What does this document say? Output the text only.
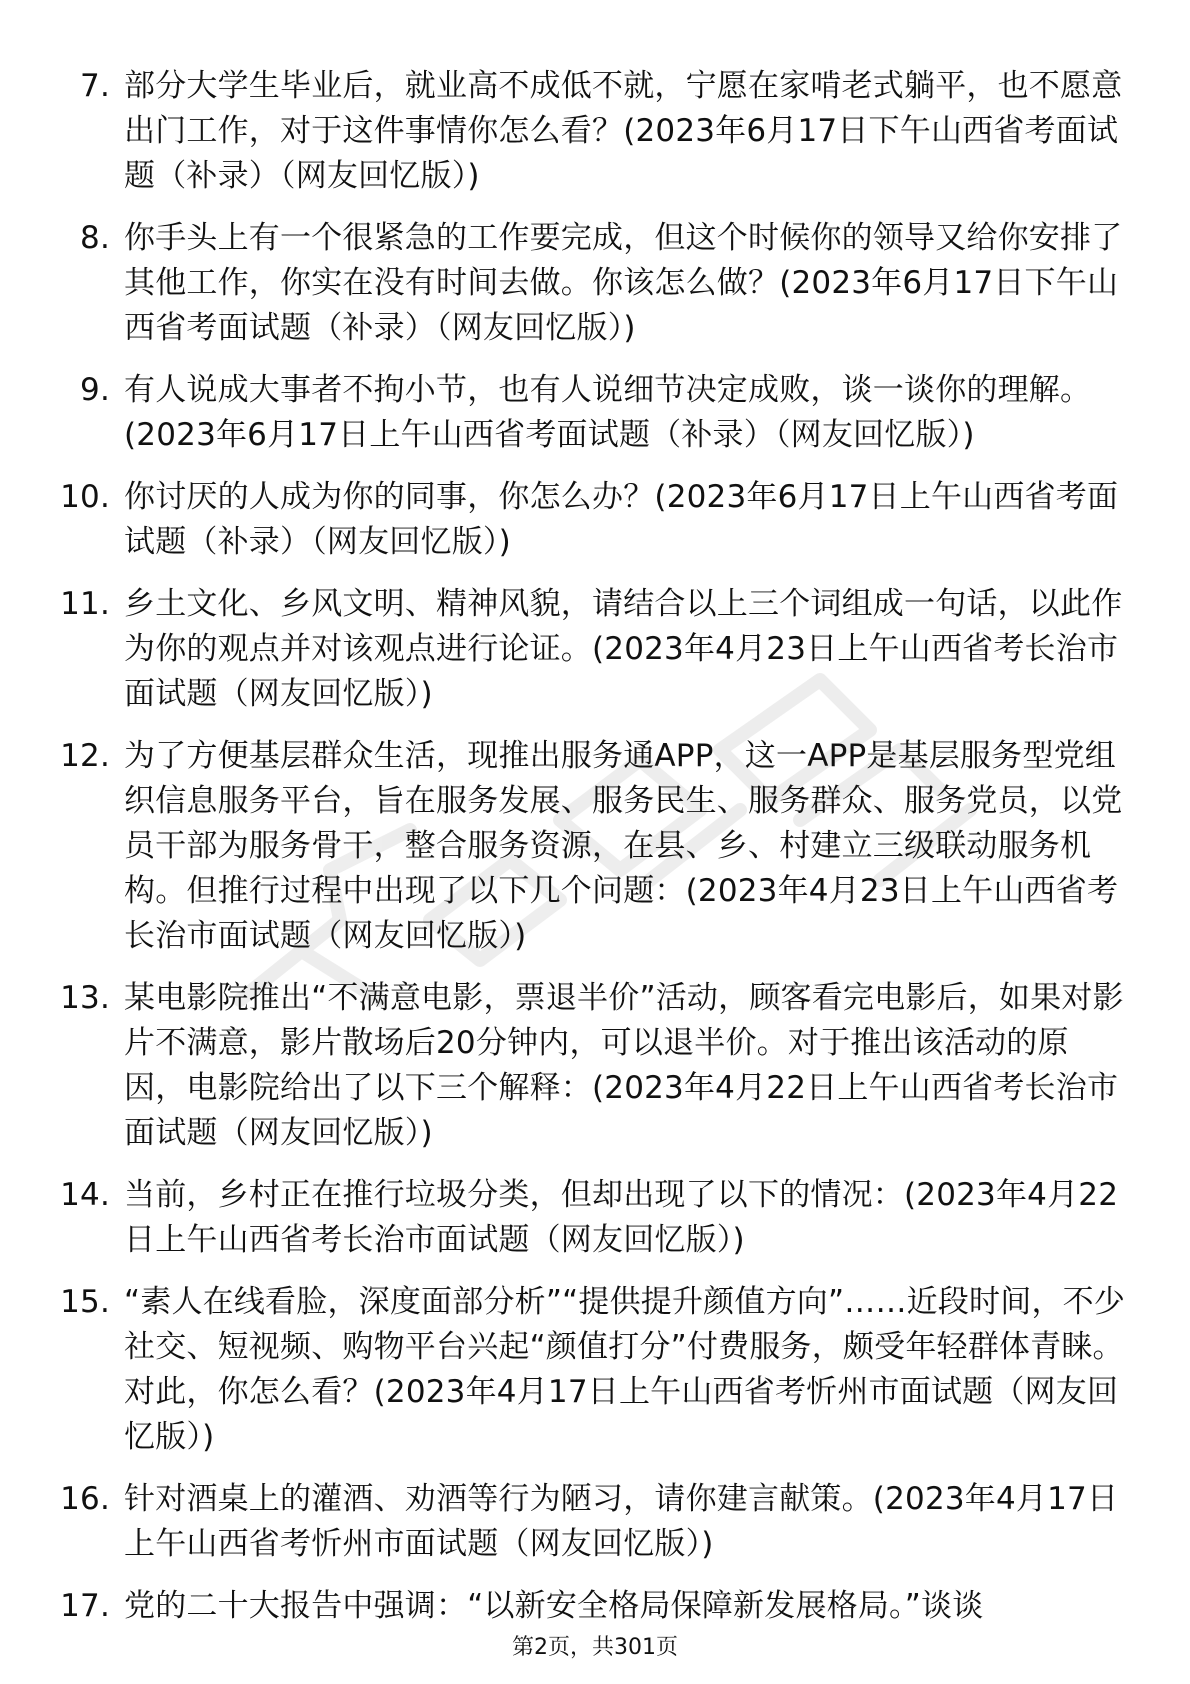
7. 部分大学生毕业后，就业高不成低不就，宁愿在家啃老式躺平，也不愿意出门工作，对于这件事情你怎么看？(2023年6月17日下午山西省考面试题（补录）（网友回忆版）)
8. 你手头上有一个很紧急的工作要完成，但这个时候你的领导又给你安排了其他工作，你实在没有时间去做。你该怎么做？(2023年6月17日下午山西省考面试题（补录）（网友回忆版）)
9. 有人说成大事者不拘小节，也有人说细节决定成败，谈一谈你的理解。(2023年6月17日上午山西省考面试题（补录）（网友回忆版）)
10. 你讨厌的人成为你的同事，你怎么办？(2023年6月17日上午山西省考面试题（补录）（网友回忆版）)
11. 乡土文化、乡风文明、精神风貌，请结合以上三个词组成一句话，以此作为你的观点并对该观点进行论证。(2023年4月23日上午山西省考长治市面试题（网友回忆版）)
12. 为了方便基层群众生活，现推出服务通APP，这一APP是基层服务型党组织信息服务平台，旨在服务发展、服务民生、服务群众、服务党员，以党员干部为服务骨干，整合服务资源，在县、乡、村建立三级联动服务机构。但推行过程中出现了以下几个问题：(2023年4月23日上午山西省考长治市面试题（网友回忆版）)
13. 某电影院推出“不满意电影，票退半价”活动，顾客看完电影后，如果对影片不满意，影片散场后20分钟内，可以退半价。对于推出该活动的原因，电影院给出了以下三个解释：(2023年4月22日上午山西省考长治市面试题（网友回忆版）)
14. 当前，乡村正在推行垃圾分类，但却出现了以下的情况：(2023年4月22日上午山西省考长治市面试题（网友回忆版）)
15. “素人在线看脸，深度面部分析”“提供提升颜值方向”……近段时间，不少社交、短视频、购物平台兴起“颜值打分”付费服务，颇受年轻群体青睐。对此，你怎么看？(2023年4月17日上午山西省考忻州市面试题（网友回忆版）)
16. 针对酒桌上的灌酒、劝酒等行为陋习，请你建言献策。(2023年4月17日上午山西省考忻州市面试题（网友回忆版）)
17. 党的二十大报告中强调：“以新安全格局保障新发展格局。”谈谈
第2页，共301页
